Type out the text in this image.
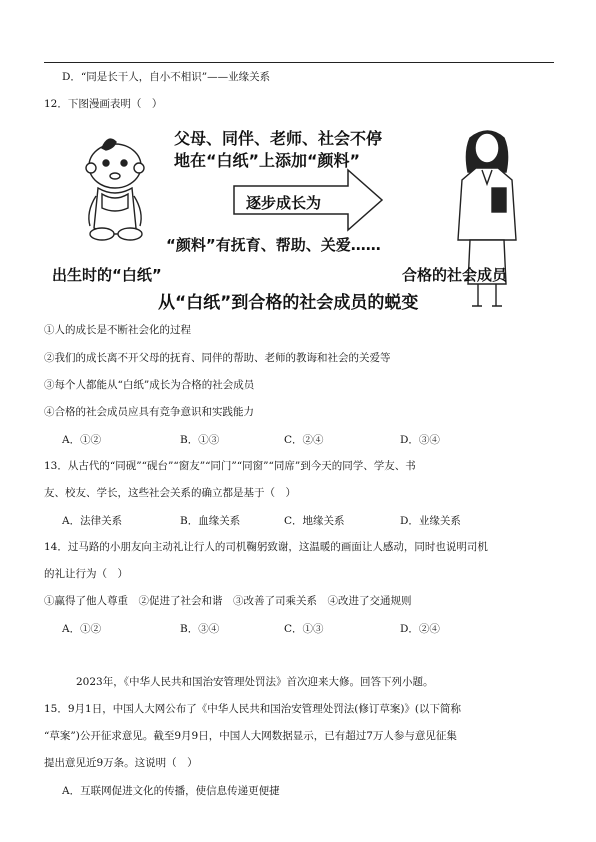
D．“同是长干人，自小不相识”——业缘关系
12．下图漫画表明（　）
父母、同伴、老师、社会不停
地在“白纸”上添加“颜料”
逐步成长为
“颜料”有抚育、帮助、关爱……
出生时的“白纸”	合格的社会成员
从“白纸”到合格的社会成员的蜕变
①人的成长是不断社会化的过程
②我们的成长离不开父母的抚育、同伴的帮助、老师的教诲和社会的关爱等
③每个人都能从“白纸”成长为合格的社会成员
④合格的社会成员应具有竞争意识和实践能力
A．①②	B．①③	C．②④	D．③④
13．从古代的“同砚”“砚台”“窗友”“同门”“同窗”“同席”到今天的同学、学友、书
友、校友、学长，这些社会关系的确立都是基于（　）
A．法律关系	B．血缘关系	C．地缘关系	D．业缘关系
14．过马路的小朋友向主动礼让行人的司机鞠躬致谢，这温暖的画面让人感动，同时也说明司机
的礼让行为（　）
①赢得了他人尊重　②促进了社会和谐　③改善了司乘关系　④改进了交通规则
A．①②	B．③④	C．①③	D．②④
2023年，《中华人民共和国治安管理处罚法》首次迎来大修。回答下列小题。
15．9月1日，中国人大网公布了《中华人民共和国治安管理处罚法(修订草案)》(以下简称
“草案”)公开征求意见。截至9月9日，中国人大网数据显示，已有超过7万人参与意见征集
提出意见近9万条。这说明（　）
A．互联网促进文化的传播，使信息传递更便捷
